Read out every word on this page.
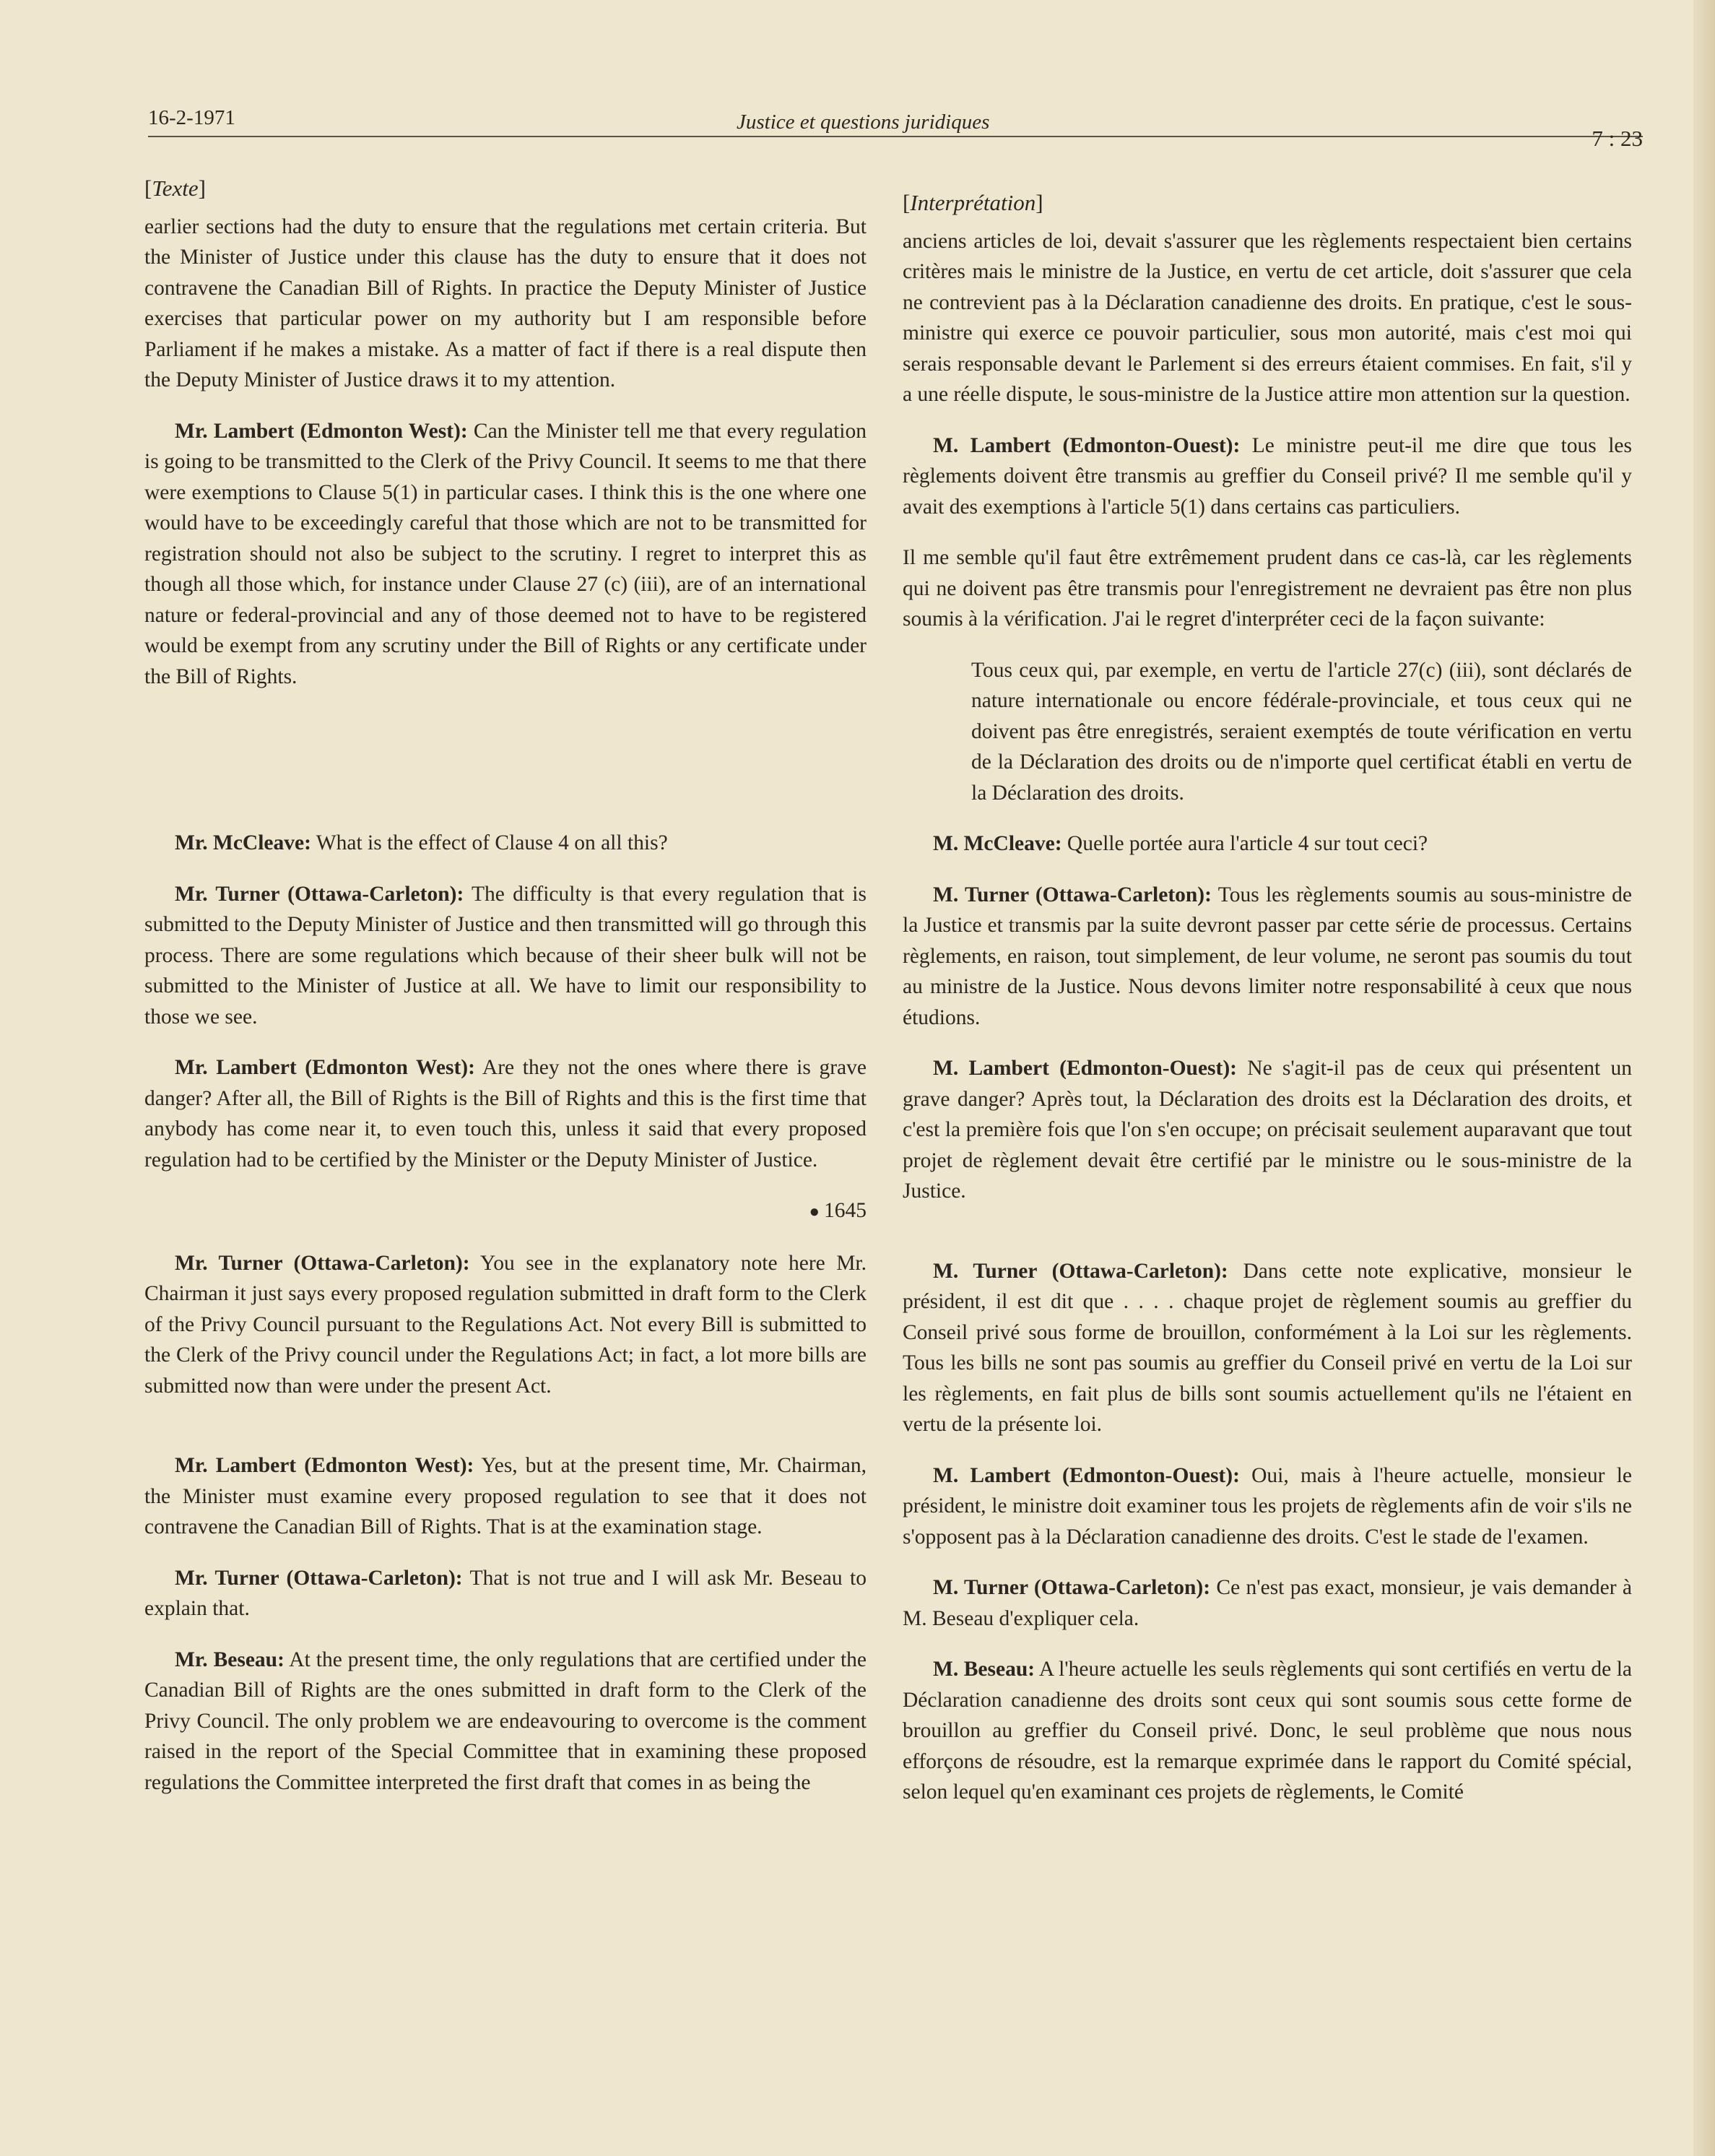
16-2-1971	Justice et questions juridiques
7 : 23
[Texte]

earlier sections had the duty to ensure that the regulations met certain criteria. But the Minister of Justice under this clause has the duty to ensure that it does not contravene the Canadian Bill of Rights. In practice the Deputy Minister of Justice exercises that particular power on my authority but I am responsible before Parliament if he makes a mistake. As a matter of fact if there is a real dispute then the Deputy Minister of Justice draws it to my attention.

Mr. Lambert (Edmonton West): Can the Minister tell me that every regulation is going to be transmitted to the Clerk of the Privy Council. It seems to me that there were exemptions to Clause 5(1) in particular cases. I think this is the one where one would have to be exceedingly careful that those which are not to be transmitted for registration should not also be subject to the scrutiny. I regret to interpret this as though all those which, for instance under Clause 27 (c) (iii), are of an international nature or federal-provincial and any of those deemed not to have to be registered would be exempt from any scrutiny under the Bill of Rights or any certificate under the Bill of Rights.

Mr. McCleave: What is the effect of Clause 4 on all this?

Mr. Turner (Ottawa-Carleton): The difficulty is that every regulation that is submitted to the Deputy Minister of Justice and then transmitted will go through this process. There are some regulations which because of their sheer bulk will not be submitted to the Minister of Justice at all. We have to limit our responsibility to those we see.

Mr. Lambert (Edmonton West): Are they not the ones where there is grave danger? After all, the Bill of Rights is the Bill of Rights and this is the first time that anybody has come near it, to even touch this, unless it said that every proposed regulation had to be certified by the Minister or the Deputy Minister of Justice.

● 1645

Mr. Turner (Ottawa-Carleton): You see in the explanatory note here Mr. Chairman it just says every proposed regulation submitted in draft form to the Clerk of the Privy Council pursuant to the Regulations Act. Not every Bill is submitted to the Clerk of the Privy council under the Regulations Act; in fact, a lot more bills are submitted now than were under the present Act.

Mr. Lambert (Edmonton West): Yes, but at the present time, Mr. Chairman, the Minister must examine every proposed regulation to see that it does not contravene the Canadian Bill of Rights. That is at the examination stage.

Mr. Turner (Ottawa-Carleton): That is not true and I will ask Mr. Beseau to explain that.

Mr. Beseau: At the present time, the only regulations that are certified under the Canadian Bill of Rights are the ones submitted in draft form to the Clerk of the Privy Council. The only problem we are endeavouring to overcome is the comment raised in the report of the Special Committee that in examining these proposed regulations the Committee interpreted the first draft that comes in as being the

[Interprétation]

anciens articles de loi, devait s'assurer que les règlements respectaient bien certains critères mais le ministre de la Justice, en vertu de cet article, doit s'assurer que cela ne contrevient pas à la Déclaration canadienne des droits. En pratique, c'est le sous-ministre qui exerce ce pouvoir particulier, sous mon autorité, mais c'est moi qui serais responsable devant le Parlement si des erreurs étaient commises. En fait, s'il y a une réelle dispute, le sous-ministre de la Justice attire mon attention sur la question.

M. Lambert (Edmonton-Ouest): Le ministre peut-il me dire que tous les règlements doivent être transmis au greffier du Conseil privé? Il me semble qu'il y avait des exemptions à l'article 5(1) dans certains cas particuliers.

Il me semble qu'il faut être extrêmement prudent dans ce cas-là, car les règlements qui ne doivent pas être transmis pour l'enregistrement ne devraient pas être non plus soumis à la vérification. J'ai le regret d'interpréter ceci de la façon suivante:

Tous ceux qui, par exemple, en vertu de l'article 27(c) (iii), sont déclarés de nature internationale ou encore fédérale-provinciale, et tous ceux qui ne doivent pas être enregistrés, seraient exemptés de toute vérification en vertu de la Déclaration des droits ou de n'importe quel certificat établi en vertu de la Déclaration des droits.

M. McCleave: Quelle portée aura l'article 4 sur tout ceci?

M. Turner (Ottawa-Carleton): Tous les règlements soumis au sous-ministre de la Justice et transmis par la suite devront passer par cette série de processus. Certains règlements, en raison, tout simplement, de leur volume, ne seront pas soumis du tout au ministre de la Justice. Nous devons limiter notre responsabilité à ceux que nous étudions.

M. Lambert (Edmonton-Ouest): Ne s'agit-il pas de ceux qui présentent un grave danger? Après tout, la Déclaration des droits est la Déclaration des droits, et c'est la première fois que l'on s'en occupe; on précisait seulement auparavant que tout projet de règlement devait être certifié par le ministre ou le sous-ministre de la Justice.

M. Turner (Ottawa-Carleton): Dans cette note explicative, monsieur le président, il est dit que . . . . chaque projet de règlement soumis au greffier du Conseil privé sous forme de brouillon, conformément à la Loi sur les règlements. Tous les bills ne sont pas soumis au greffier du Conseil privé en vertu de la Loi sur les règlements, en fait plus de bills sont soumis actuellement qu'ils ne l'étaient en vertu de la présente loi.

M. Lambert (Edmonton-Ouest): Oui, mais à l'heure actuelle, monsieur le président, le ministre doit examiner tous les projets de règlements afin de voir s'ils ne s'opposent pas à la Déclaration canadienne des droits. C'est le stade de l'examen.

M. Turner (Ottawa-Carleton): Ce n'est pas exact, monsieur, je vais demander à M. Beseau d'expliquer cela.

M. Beseau: A l'heure actuelle les seuls règlements qui sont certifiés en vertu de la Déclaration canadienne des droits sont ceux qui sont soumis sous cette forme de brouillon au greffier du Conseil privé. Donc, le seul problème que nous nous efforçons de résoudre, est la remarque exprimée dans le rapport du Comité spécial, selon lequel qu'en examinant ces projets de règlements, le Comité
